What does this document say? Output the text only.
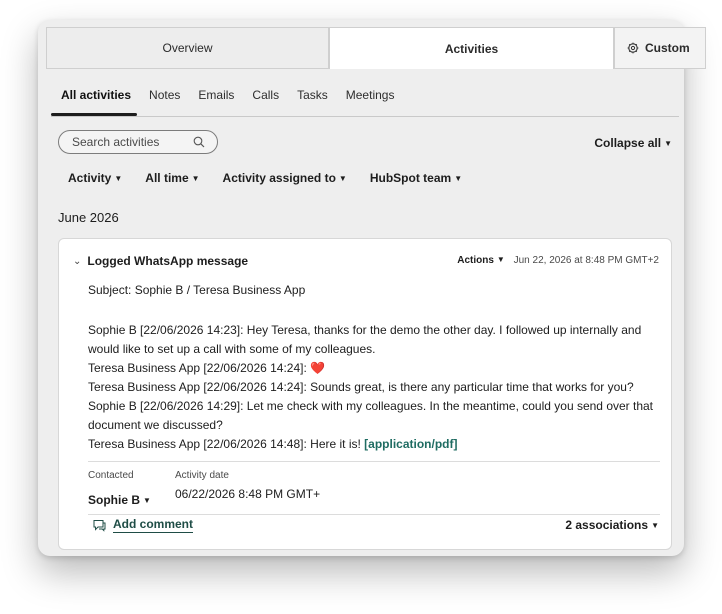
Overview	Activities	Custom
All activities Notes Emails Calls Tasks Meetings
Search activities
Collapse all ▼
Activity ▼ All time ▼ Activity assigned to ▼ HubSpot team ▼
June 2026
⌄ Logged WhatsApp message	Actions ▼ Jun 22, 2026 at 8:48 PM GMT+2
Subject: Sophie B / Teresa Business App
Sophie B [22/06/2026 14:23]: Hey Teresa, thanks for the demo the other day. I followed up internally and would like to set up a call with some of my colleagues.
Teresa Business App [22/06/2026 14:24]: ❤️
Teresa Business App [22/06/2026 14:24]: Sounds great, is there any particular time that works for you?
Sophie B [22/06/2026 14:29]: Let me check with my colleagues. In the meantime, could you send over that document we discussed?
Teresa Business App [22/06/2026 14:48]: Here it is! [application/pdf]
Contacted	Activity date
Sophie B ▼ 06/22/2026 8:48 PM GMT+
Add comment	2 associations ▼
